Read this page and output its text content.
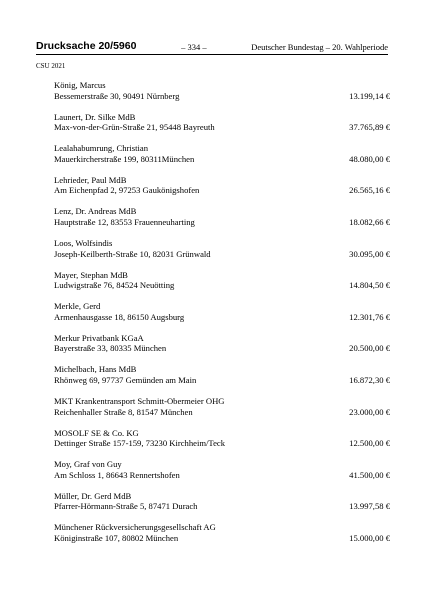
Drucksache 20/5960	– 334 –	Deutscher Bundestag – 20. Wahlperiode
CSU 2021
König, Marcus
Bessemerstraße 30, 90491 Nürnberg	13.199,14 €
Launert, Dr. Silke MdB
Max-von-der-Grün-Straße 21, 95448 Bayreuth	37.765,89 €
Lealahabumrung, Christian
Mauerkircherstraße 199, 80311München	48.080,00 €
Lehrieder, Paul MdB
Am Eichenpfad 2, 97253 Gaukönigshofen	26.565,16 €
Lenz, Dr. Andreas MdB
Hauptstraße 12, 83553 Frauenneuharting	18.082,66 €
Loos, Wolfsindis
Joseph-Keilberth-Straße 10, 82031 Grünwald	30.095,00 €
Mayer, Stephan MdB
Ludwigstraße 76, 84524 Neuötting	14.804,50 €
Merkle, Gerd
Armenhausgasse 18, 86150 Augsburg	12.301,76 €
Merkur Privatbank KGaA
Bayerstraße 33, 80335 München	20.500,00 €
Michelbach, Hans MdB
Rhönweg 69, 97737 Gemünden am Main	16.872,30 €
MKT Krankentransport Schmitt-Obermeier OHG
Reichenhaller Straße 8, 81547 München	23.000,00 €
MOSOLF SE & Co. KG
Dettinger Straße 157-159, 73230 Kirchheim/Teck	12.500,00 €
Moy, Graf von Guy
Am Schloss 1, 86643 Rennertshofen	41.500,00 €
Müller, Dr. Gerd MdB
Pfarrer-Hörmann-Straße 5, 87471 Durach	13.997,58 €
Münchener Rückversicherungsgesellschaft AG
Königinstraße 107, 80802 München	15.000,00 €
